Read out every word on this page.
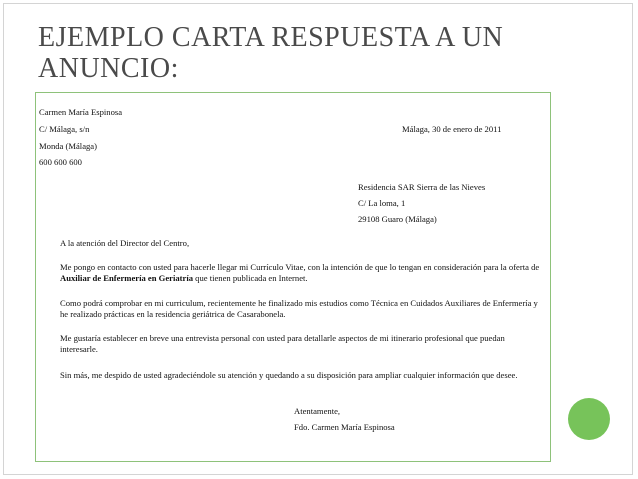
EJEMPLO CARTA RESPUESTA A UN ANUNCIO:
Carmen María Espinosa
C/ Málaga, s/n	Málaga, 30 de enero de 2011
Monda (Málaga)
600 600 600
Residencia SAR Sierra de las Nieves
C/ La loma, 1
29108 Guaro (Málaga)
A la atención del Director del Centro,
Me pongo en contacto con usted para hacerle llegar mi Currículo Vitae, con la intención de que lo tengan en consideración para la oferta de Auxiliar de Enfermería en Geriatría que tienen publicada en Internet.
Como podrá comprobar en mi curriculum, recientemente he finalizado mis estudios como Técnica en Cuidados Auxiliares de Enfermería y he realizado prácticas en la residencia geriátrica de Casarabonela.
Me gustaría establecer en breve una entrevista personal con usted para detallarle aspectos de mi itinerario profesional que puedan interesarle.
Sin más, me despido de usted agradeciéndole su atención y quedando a su disposición para ampliar cualquier información que desee.
Atentamente,
Fdo. Carmen María Espinosa
